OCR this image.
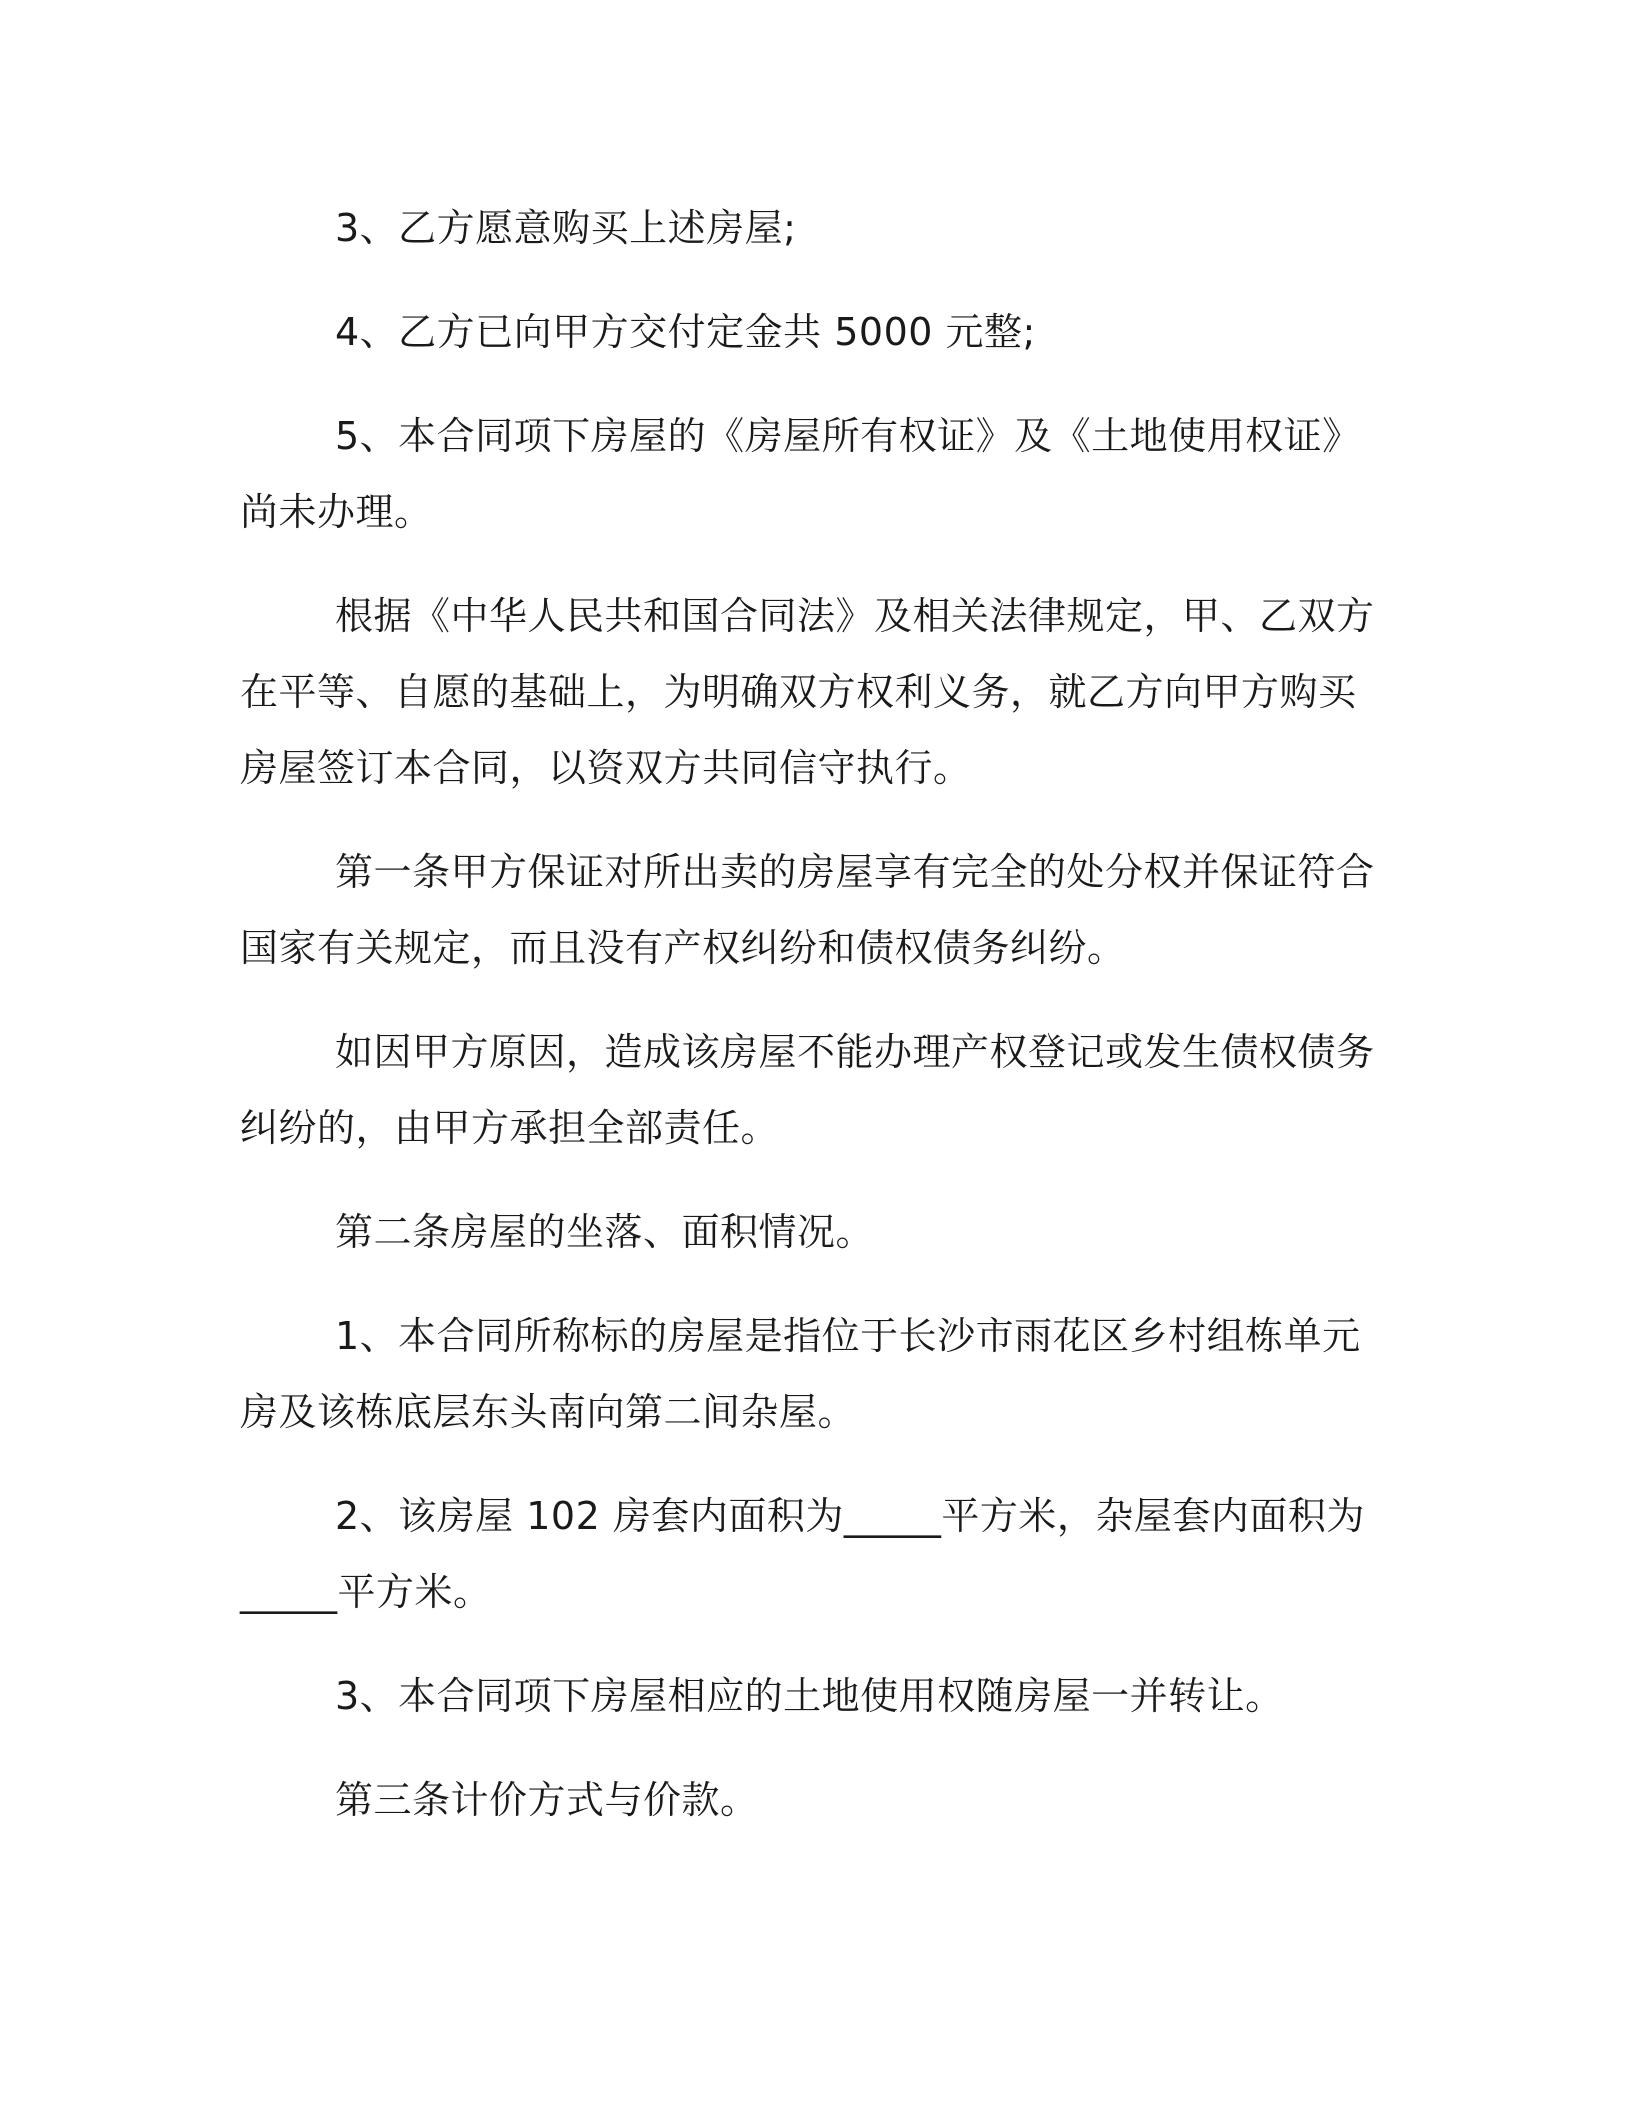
3、乙方愿意购买上述房屋;

4、乙方已向甲方交付定金共 5000 元整;

5、本合同项下房屋的《房屋所有权证》及《土地使用权证》尚未办理。

根据《中华人民共和国合同法》及相关法律规定，甲、乙双方在平等、自愿的基础上，为明确双方权利义务，就乙方向甲方购买房屋签订本合同，以资双方共同信守执行。

第一条甲方保证对所出卖的房屋享有完全的处分权并保证符合国家有关规定，而且没有产权纠纷和债权债务纠纷。

如因甲方原因，造成该房屋不能办理产权登记或发生债权债务纠纷的，由甲方承担全部责任。

第二条房屋的坐落、面积情况。

1、本合同所称标的房屋是指位于长沙市雨花区乡村组栋单元房及该栋底层东头南向第二间杂屋。

2、该房屋 102 房套内面积为_____平方米，杂屋套内面积为_____平方米。

3、本合同项下房屋相应的土地使用权随房屋一并转让。

第三条计价方式与价款。
